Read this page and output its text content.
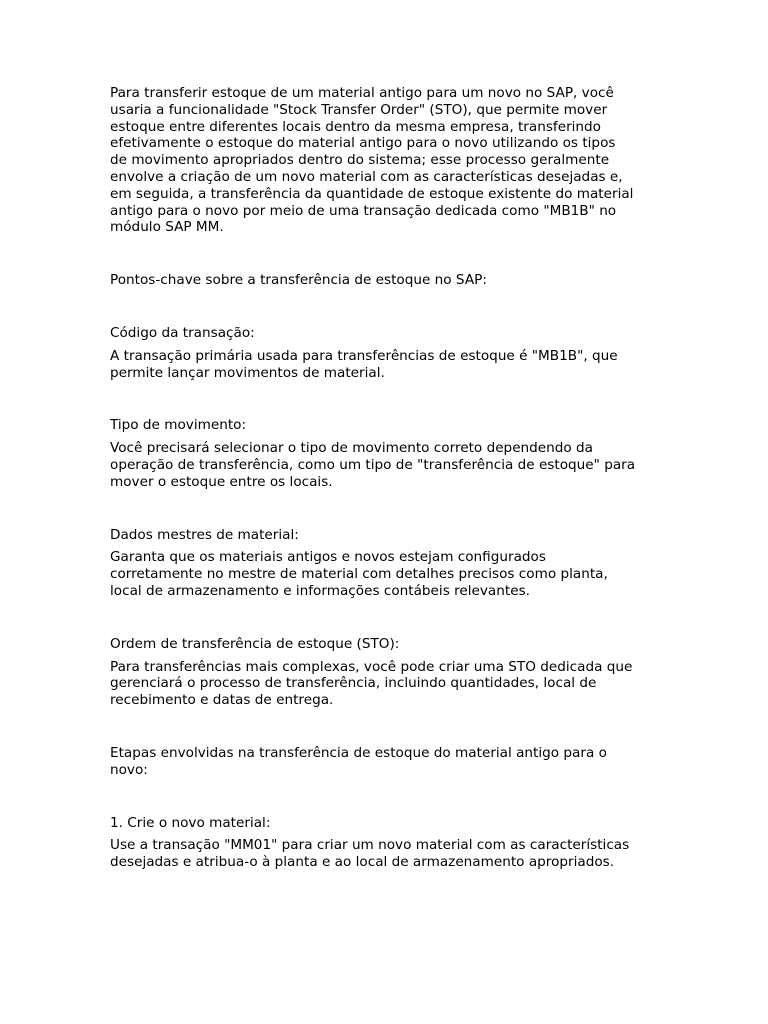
Para transferir estoque de um material antigo para um novo no SAP, você
usaria a funcionalidade "Stock Transfer Order" (STO), que permite mover
estoque entre diferentes locais dentro da mesma empresa, transferindo
efetivamente o estoque do material antigo para o novo utilizando os tipos
de movimento apropriados dentro do sistema; esse processo geralmente
envolve a criação de um novo material com as características desejadas e,
em seguida, a transferência da quantidade de estoque existente do material
antigo para o novo por meio de uma transação dedicada como "MB1B" no
módulo SAP MM.

Pontos-chave sobre a transferência de estoque no SAP:

Código da transação:

A transação primária usada para transferências de estoque é "MB1B", que
permite lançar movimentos de material.

Tipo de movimento:

Você precisará selecionar o tipo de movimento correto dependendo da
operação de transferência, como um tipo de "transferência de estoque" para
mover o estoque entre os locais.

Dados mestres de material:

Garanta que os materiais antigos e novos estejam configurados
corretamente no mestre de material com detalhes precisos como planta,
local de armazenamento e informações contábeis relevantes.

Ordem de transferência de estoque (STO):

Para transferências mais complexas, você pode criar uma STO dedicada que
gerenciará o processo de transferência, incluindo quantidades, local de
recebimento e datas de entrega.

Etapas envolvidas na transferência de estoque do material antigo para o
novo:

1. Crie o novo material:

Use a transação "MM01" para criar um novo material com as características
desejadas e atribua-o à planta e ao local de armazenamento apropriados.
